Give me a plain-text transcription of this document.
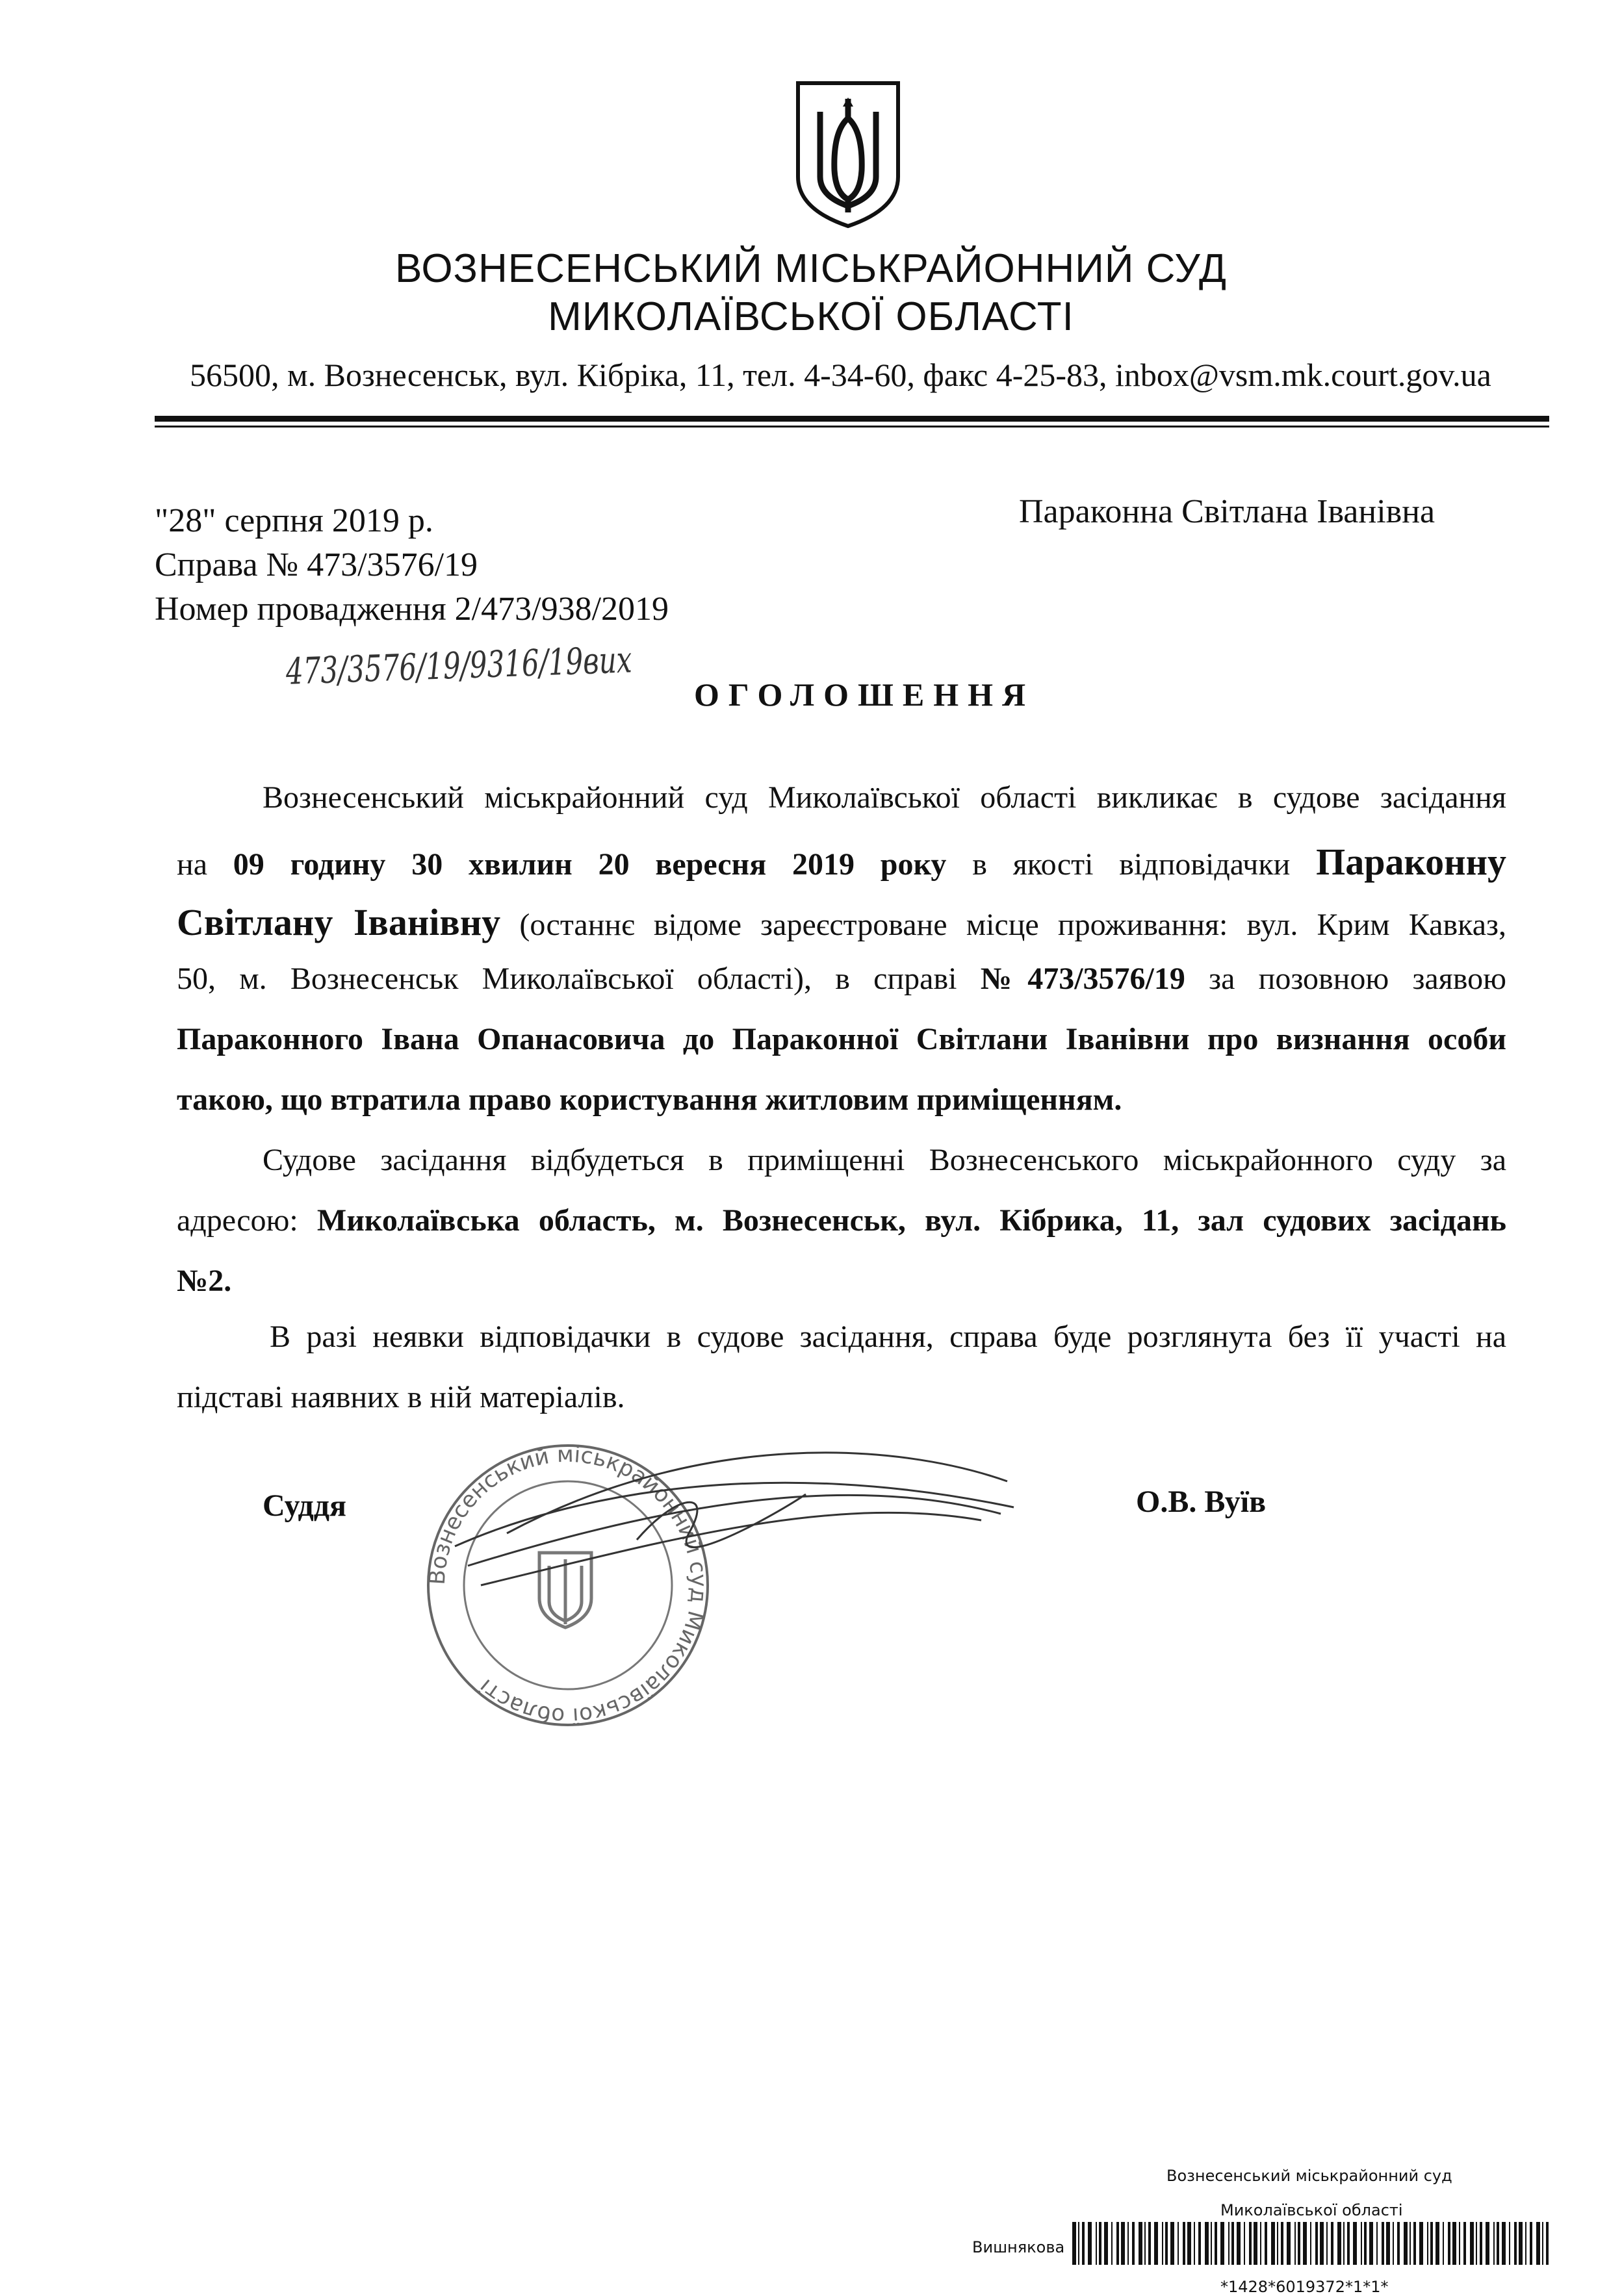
ВОЗНЕСЕНСЬКИЙ МІСЬКРАЙОННИЙ СУД
МИКОЛАЇВСЬКОЇ ОБЛАСТІ
56500, м. Вознесенськ, вул. Кібріка, 11, тел. 4-34-60, факс 4-25-83, inbox@vsm.mk.court.gov.ua
"28" серпня 2019 р.
Справа № 473/3576/19
Номер провадження 2/473/938/2019
Параконна Світлана Іванівна
473/3576/19/9316/19вих
ОГОЛОШЕННЯ
Вознесенський міськрайонний суд Миколаївської області викликає в судове засідання
на 09 годину 30 хвилин 20 вересня 2019 року в якості відповідачки Параконну
Світлану Іванівну (останнє відоме зареєстроване місце проживання: вул. Крим Кавказ,
50, м. Вознесенськ Миколаївської області), в справі №473/3576/19 за позовною заявою
Параконного Івана Опанасовича до Параконної Світлани Іванівни про визнання особи
такою, що втратила право користування житловим приміщенням.
Судове засідання відбудеться в приміщенні Вознесенського міськрайонного суду за
адресою: Миколаївська область, м. Вознесенськ, вул. Кібрика, 11, зал судових засідань
№2.
В разі неявки відповідачки в судове засідання, справа буде розглянута без її участі на
підставі наявних в ній матеріалів.
Вознесенський міськрайонний суд Миколаївської області
Суддя	О.В. Вуїв
Вознесенський міськрайонний суд
Миколаївської області
Вишнякова
*1428*6019372*1*1*
